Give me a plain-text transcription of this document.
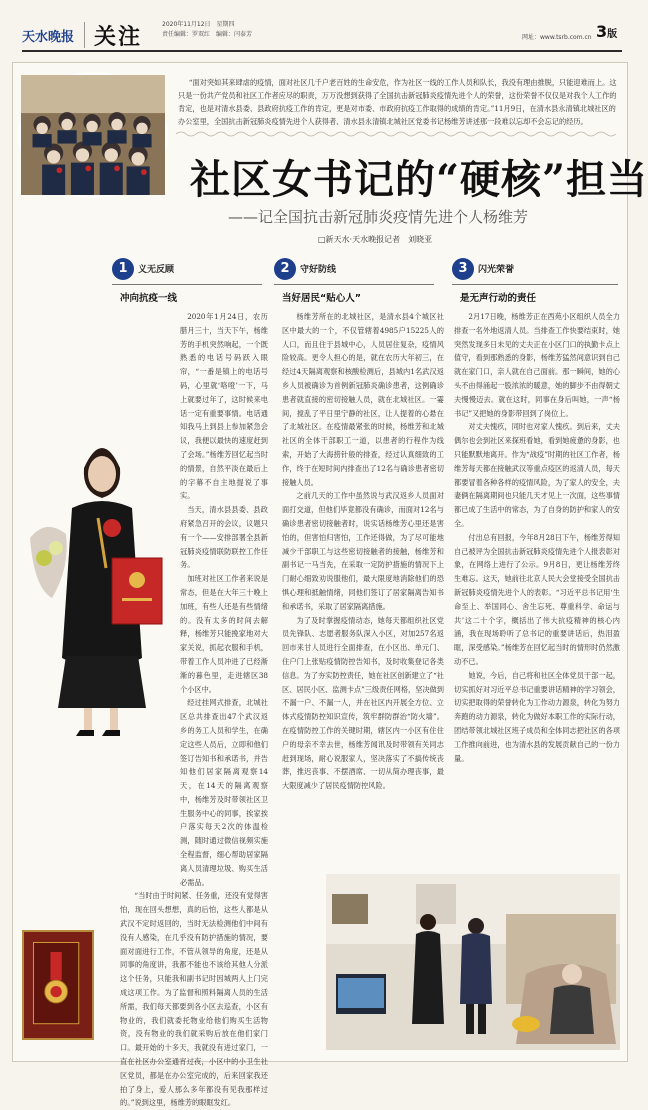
天水晚报 关注	2020年11月12日　星期四
责任编辑：罗双红　编辑：闫泰芳	网址：www.tsrb.com.cn 3版
“面对突如其来肆虐的疫情，面对社区几千户老百姓的生命安危，作为社区一线的工作人员和队长，我没有理由推脱，只能迎难而上。这只是一份共产党员和社区工作者应尽的职责，万万没想到获得了全国抗击新冠肺炎疫情先进个人的荣誉，这份荣誉不仅仅是对我个人工作的肯定，也是对清水县委、县政府抗疫工作的肯定，更是对市委、市政府抗疫工作取得的成绩的肯定。”11月9日，在清水县永清镇北城社区的办公室里，全国抗击新冠肺炎疫情先进个人获得者、清水县永清镇北城社区党委书记杨维芳讲述那一段难以忘却不会忘记的经历。
社区女书记的“硬核”担当
——记全国抗击新冠肺炎疫情先进个人杨维芳
□新天水·天水晚报记者　刘晓亚
1	义无反顾
冲向抗疫一线
2	守好防线
当好居民“贴心人”
3	闪光荣誉
是无声行动的责任

2020年1月24日，农历腊月三十，当天下午，杨维芳的手机突然响起，一个既熟悉的电话号码跃入眼帘，“一番是镇上的电话号码，心里就‘咯噔’一下，马上就要过年了，这时候来电话一定有重要事情。电话通知我马上到县上参加紧急会议，我便以最快的速度赶到了会场。”杨维芳回忆起当时的情景，自然平淡在最后上的字幕不自主地提说了事实。

当天，清水县县委、县政府紧急召开的会议，议题只有一个——安排部署全县新冠肺炎疫情联防联控工作任务。

加班对社区工作者来说是常态，但是在大年三十晚上加班，有些人还是有些情绪的。没有太多的时间去解释，杨维芳只能挽家地对大家关说，抓起衣服和手机，带着工作人员冲进了已经渐渐的暮色里，走进辖区38个小区中。

经过挂网式排查，北城社区总共排查出47个武汉返乡的务工人员和学生，在确定这些人员后，立即和他们签订告知书和承诺书，并告知他们居家隔离观察14天，在14天的隔离观察中，杨维芳及时带领社区卫生服务中心的同事，挨家挨户落实每天2次的体温检测，随时通过微信视频实施全程监督，细心帮助居家隔离人员清理垃圾、购买生活必需品。

“当时由于时间紧、任务重，还没有觉得害怕，现在回头想想，真的后怕，这些人都是从武汉不定时返回的，当时无法检测他们中间有没有人感染，在几乎没有防护措施的情况，要面对面进行工作，不管从领导的角度，还是从同事的角度讲，我都不能也不该给其他人分派这个任务，只能我和副书记时因城两人上门完成这项工作。为了监督和照料隔离人员的生活所需，我们每天都要到各小区去巡查，小区有物业的，我们就委托物业给他们购买生活物资，没有物业的我们就采购后放在他们家门口。最开始的十多天，我就没有进过家门，一直在社区办公室通宵过夜，小区中的小卫生社区党员，都是在办公室完成的，后来回家我还拍了身上，爱人那么多年都没有见我那样过的。”说到这里，杨维芳的眼眶发红。

杨维芳所在的北城社区，是清水县4个城区社区中最大的一个，不仅管辖着4985户15225人的人口，而且住于县城中心，人员居住复杂，疫情风险较高。更令人担心的是，就在农历大年初三，在经过4天隔离观察和核酸检测后，县城内1名武汉返乡人员被确诊为首例新冠肺炎确诊患者，这例确诊患者就直接的密切接触人员，就在北城社区。一霎间，搅乱了平日里宁静的社区，让人提着的心悬在了北城社区。在疫情最紧张的时候，杨维芳和北城社区的全体干部职工一道，以患者的行程作为线索，开始了大海捞针般的排查，经过认真细致的工作，终于在短时间内排查出了12名与确诊患者密切接触人员。

之前几天的工作中虽然说与武汉返乡人员面对面打交道，但他们毕竟都没有确诊，而面对12名与确诊患者密切接触者时，说实话杨维芳心里还是害怕的，但害怕归害怕，工作还得做，为了尽可能地减少干部职工与这些密切接触者的接触，杨维芳和副书记一马当先，在采取一定防护措施的情况下上门耐心细致劝说服他们，最大限度地消除他们的恐惧心理和抵触情绪，同他们签订了居家隔离告知书和承诺书，采取了居家隔离措施。

为了及时掌握疫情动态，她每天都组织社区党员先锋队、志愿者服务队深入小区，对加257名返回市来甘人员进行全面排查，在小区出、单元门、住户门上张贴疫情防控告知书，及时收集登记各类信息。为了夯实防控责任，她在社区创新建立了“社区、居民小区、监测卡点”三级责任网格，坚决做到不漏一户、不漏一人，并在社区内开展全方位、立体式疫情防控知识宣传，筑牢群防群治“防火墙”。在疫情防控工作的关键时期，辖区内一小区有住住户的母亲不幸去世，杨维芳闻讯及时带领有关同志赶到现场，耐心说服家人，坚决落实了不搞传统丧葬，推迟丧事、不摆酒席、一切从简办理丧事，最大限度减少了居民疫情防控风险。

2月17日晚，杨维芳正在西苑小区组织人员全力排查一名外地返清人员。当排查工作快要结束时，她突然发现多日未见的丈夫正在小区门口的执勤卡点上值守，看到那熟悉的身影，杨维芳猛然间意识到自己就在家门口，亲人就在自己面前。那一瞬间，她的心头不由得涌起一股浓浓的暖意，她的脚步不由得朝丈夫慢慢迈去。就在这时，同事在身后叫她，一声“杨书记”又把她的身影带回到了岗位上。

对丈夫愧疚，同时也对家人愧疚。到后来，丈夫偶尔也会到社区来探班看她，看到她疲惫的身影，也只能默默地离开。作为“战疫”时期的社区工作者，杨维芳每天都在接触武汉等重点疫区的返清人员，每天都要冒着各种各样的疫情风险，为了家人的安全，夫妻俩在隔离期间也只能几天才见上一次面，这些事情都已成了生活中的常态，为了自身的防护和家人的安全。

付出总有回报，今年8月28日下午，杨维芳得知自己被评为全国抗击新冠肺炎疫情先进个人报表彰对象，在网络上进行了公示。9月8日，更让杨维芳终生难忘。这天，她前往北京人民大会堂接受全国抗击新冠肺炎疫情先进个人的表彰。“习近平总书记用‘生命至上、举国同心、舍生忘死、尊重科学、命运与共’这二十个字，概括出了伟大抗疫精神的核心内涵，我在现场聆听了总书记的重要讲话后，热泪盈眶，深受感染。”杨维芳在回忆起当时的情形时仍然激动不已。

她说，今后，自己将和社区全体党员干部一起，切实抓好对习近平总书记重要讲话精神的学习领会，切实把取得的荣誉转化为工作动力源泉，转化为努力奔跑的动力源泉，转化为做好本职工作的实际行动，团结带领北城社区班子成员和全体同志把社区的各项工作推向前进，也为清水县的发展贡献自己的一份力量。
